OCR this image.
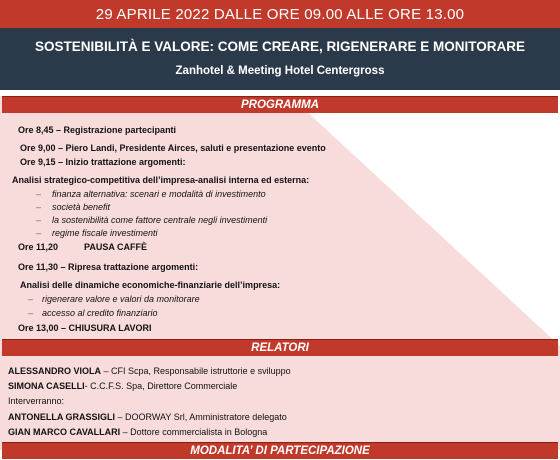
29 APRILE 2022 DALLE ORE 09.00 ALLE ORE 13.00
SOSTENIBILITÀ E VALORE: COME CREARE, RIGENERARE E MONITORARE
Zanhotel & Meeting Hotel Centergross
PROGRAMMA
Ore 8,45 – Registrazione partecipanti
Ore 9,00 – Piero Landi, Presidente Airces, saluti e presentazione evento
Ore 9,15 – Inizio trattazione argomenti:
Analisi strategico-competitiva dell’impresa-analisi interna ed esterna:
– finanza alternativa: scenari e modalità di investimento
– società benefit
– la sostenibilità come fattore centrale negli investimenti
– regime fiscale investimenti
Ore 11,20	PAUSA CAFFÈ
Ore 11,30 – Ripresa trattazione argomenti:
Analisi delle dinamiche economiche-finanziarie dell’impresa:
– rigenerare valore e valori da monitorare
– accesso al credito finanziario
Ore 13,00 – CHIUSURA LAVORI
RELATORI
ALESSANDRO VIOLA – CFI Scpa, Responsabile istruttorie e sviluppo
SIMONA CASELLI- C.C.F.S. Spa, Direttore Commerciale
Interverranno:
ANTONELLA GRASSIGLI – DOORWAY Srl, Amministratore delegato
GIAN MARCO CAVALLARI – Dottore commercialista in Bologna
MODALITA’ DI PARTECIPAZIONE
